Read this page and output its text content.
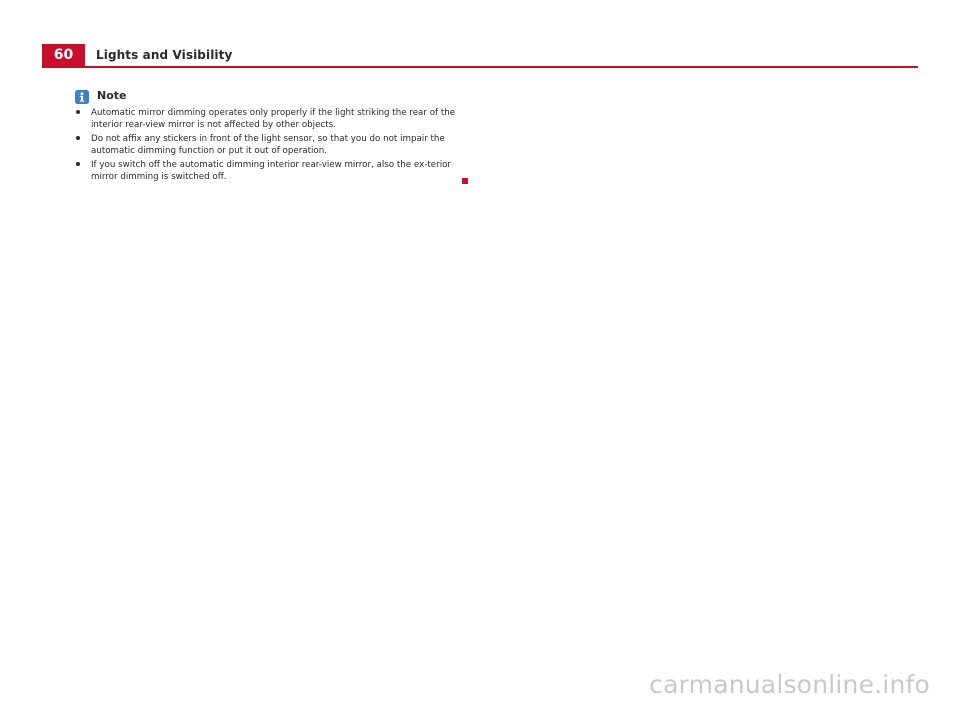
60	Lights and Visibility
Note
Automatic mirror dimming operates only properly if the light striking the rear of the interior rear-view mirror is not affected by other objects.
Do not affix any stickers in front of the light sensor, so that you do not impair the automatic dimming function or put it out of operation.
If you switch off the automatic dimming interior rear-view mirror, also the ex-terior mirror dimming is switched off.
carmanualsonline.info
